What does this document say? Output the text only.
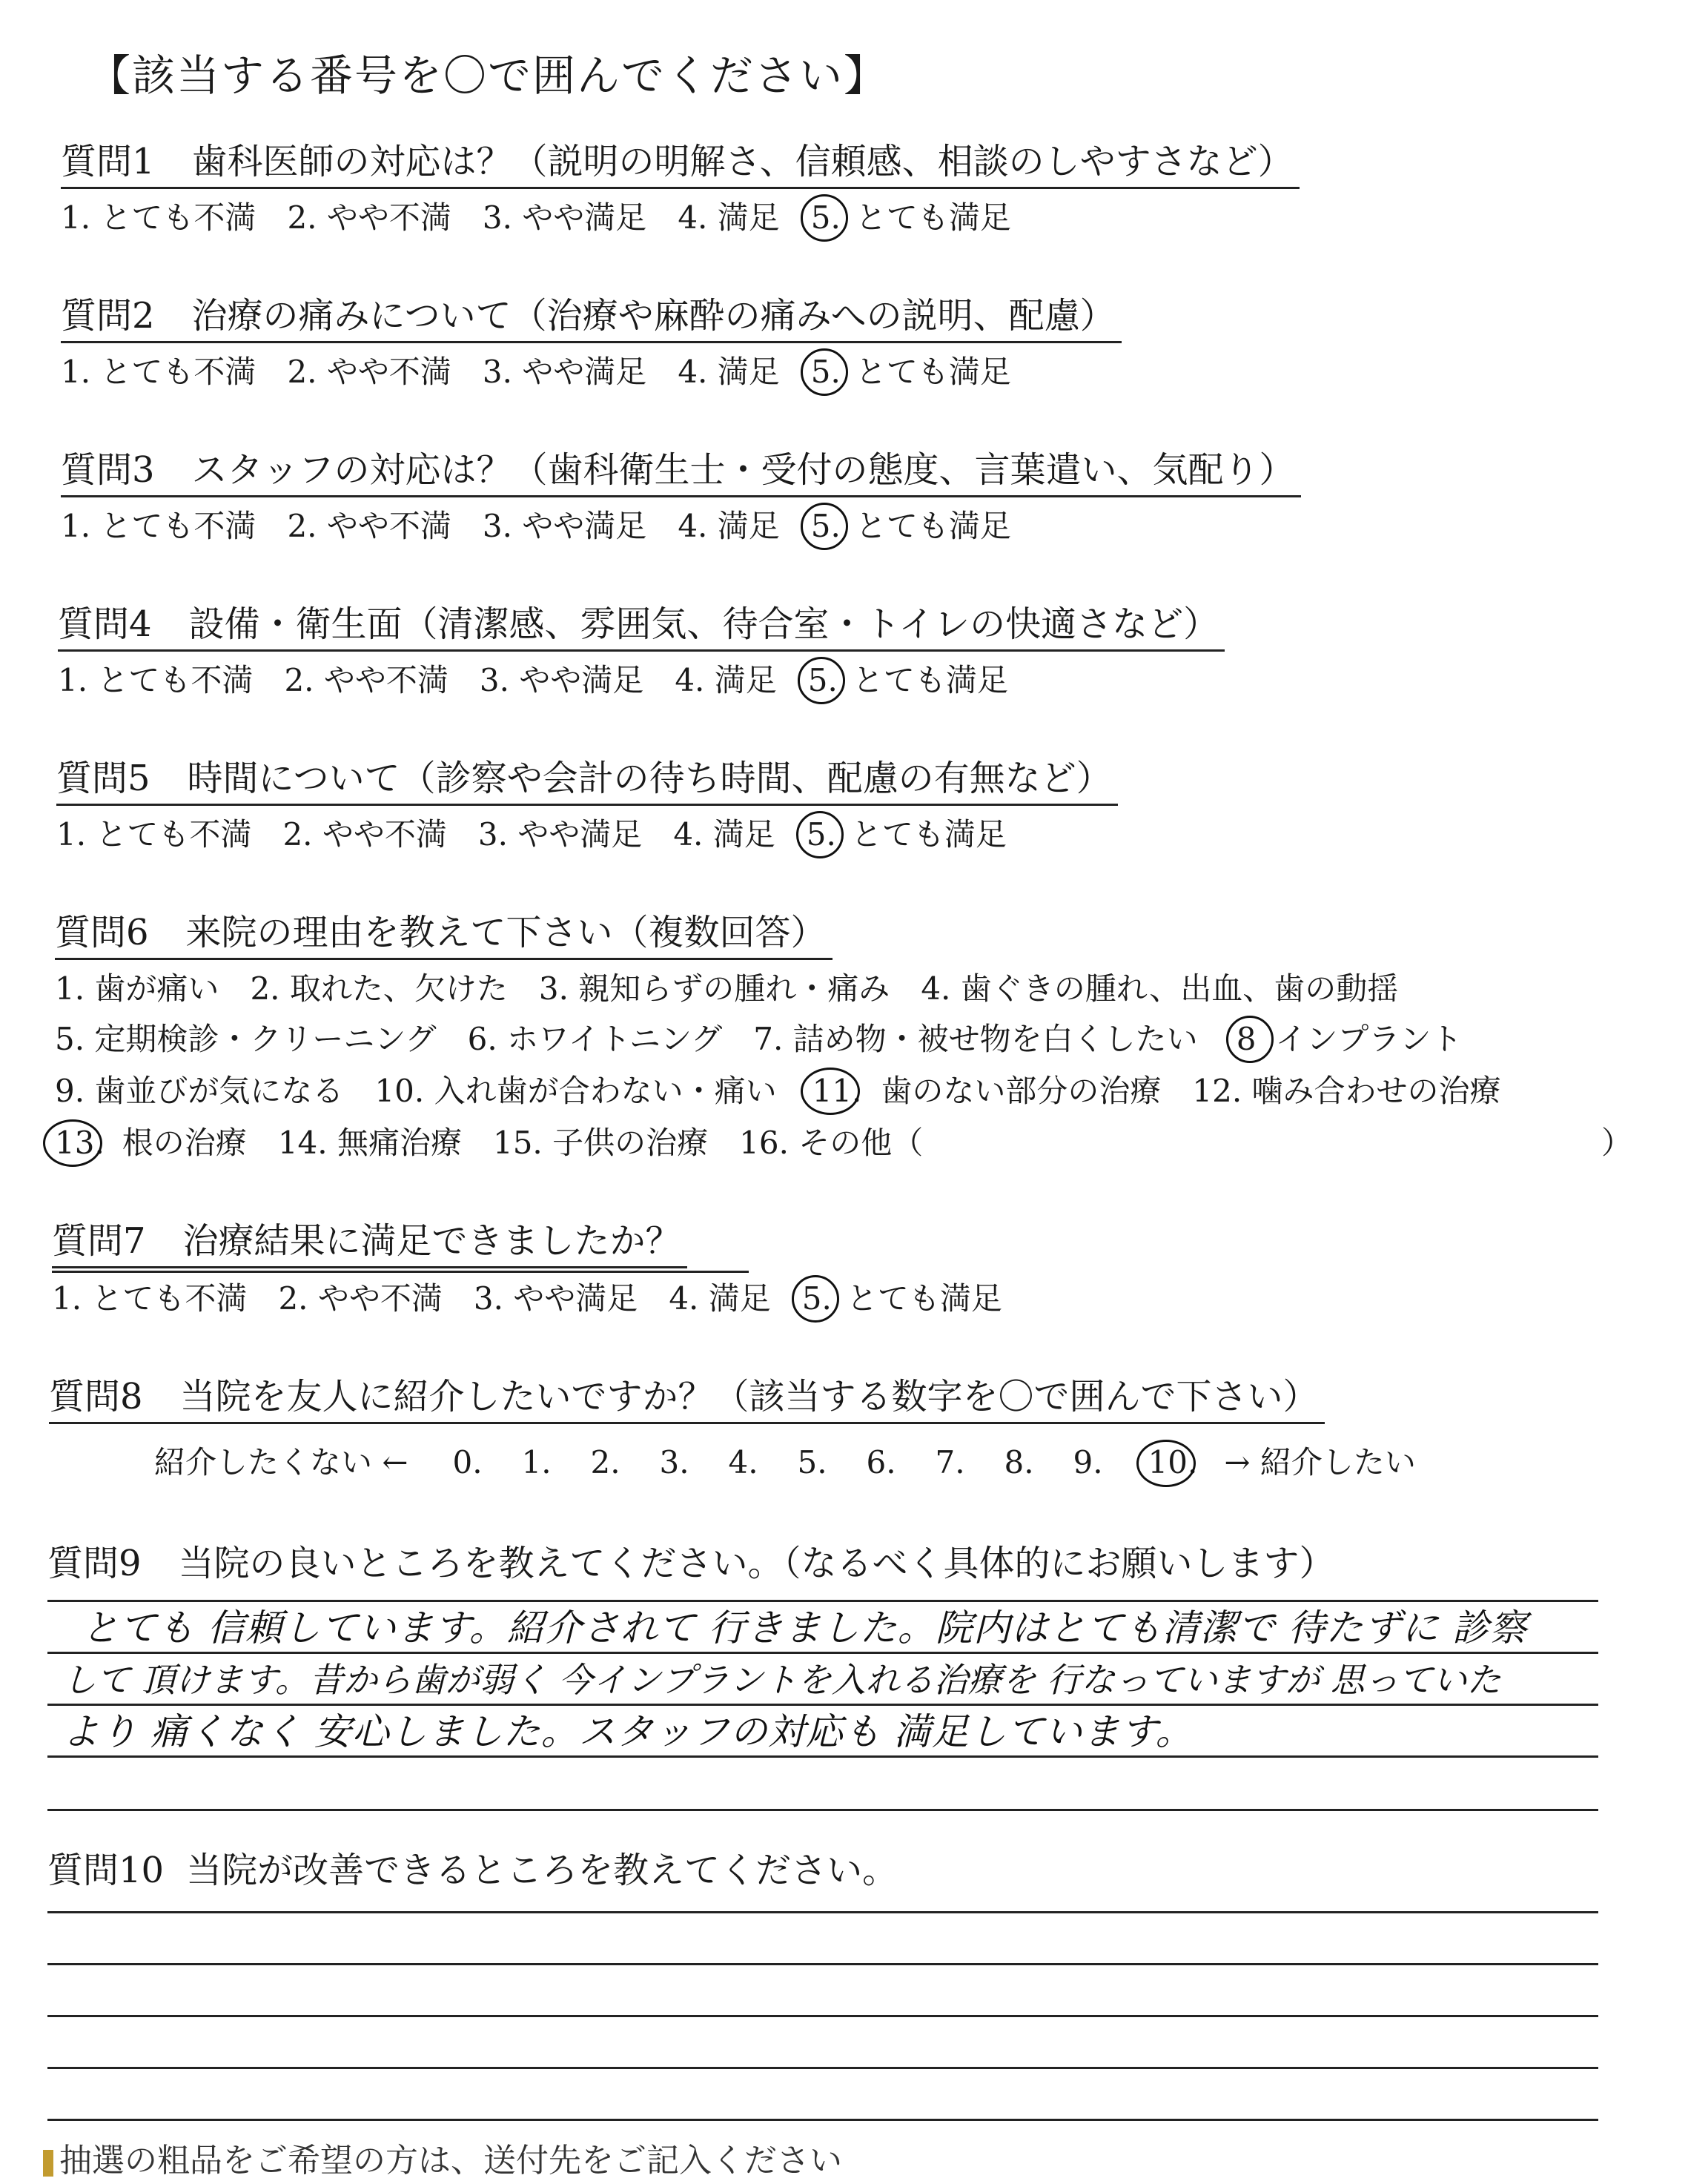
【該当する番号を〇で囲んでください】
質問1 歯科医師の対応は？（説明の明解さ、信頼感、相談のしやすさなど）
1. とても不満 2. やや不満 3. やや満足 4. 満足 5. とても満足
質問2 治療の痛みについて（治療や麻酔の痛みへの説明、配慮）
1. とても不満 2. やや不満 3. やや満足 4. 満足 5. とても満足
質問3 スタッフの対応は？（歯科衛生士・受付の態度、言葉遣い、気配り）
1. とても不満 2. やや不満 3. やや満足 4. 満足 5. とても満足
質問4 設備・衛生面（清潔感、雰囲気、待合室・トイレの快適さなど）
1. とても不満 2. やや不満 3. やや満足 4. 満足 5. とても満足
質問5 時間について（診察や会計の待ち時間、配慮の有無など）
1. とても不満 2. やや不満 3. やや満足 4. 満足 5. とても満足
質問6 来院の理由を教えて下さい（複数回答）
1. 歯が痛い 2. 取れた、欠けた 3. 親知らずの腫れ・痛み 4. 歯ぐきの腫れ、出血、歯の動揺
5. 定期検診・クリーニング 6. ホワイトニング 7. 詰め物・被せ物を白くしたい 8 インプラント
9. 歯並びが気になる 10. 入れ歯が合わない・痛い 11. 歯のない部分の治療 12. 噛み合わせの治療
13. 根の治療 14. 無痛治療 15. 子供の治療 16. その他（	）
質問7 治療結果に満足できましたか？
1. とても不満 2. やや不満 3. やや満足 4. 満足 5. とても満足
質問8 当院を友人に紹介したいですか？（該当する数字を〇で囲んで下さい）
紹介したくない ← 0. 1. 2. 3. 4. 5. 6. 7. 8. 9. 10. → 紹介したい
質問9 当院の良いところを教えてください。（なるべく具体的にお願いします）
とても 信頼しています。紹介されて 行きました。院内はとても清潔で 待たずに 診察
して 頂けます。昔から歯が弱く 今インプラントを入れる治療を 行なっていますが 思っていた
より 痛くなく 安心しました。スタッフの対応も 満足しています。
質問10 当院が改善できるところを教えてください。
抽選の粗品をご希望の方は、送付先をご記入ください
